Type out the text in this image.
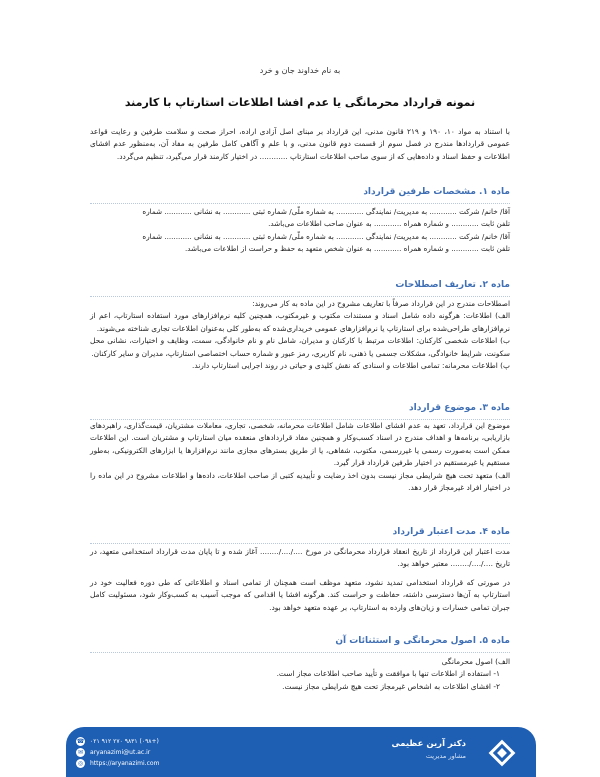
به نام خداوند جان و خرد
نمونه قرارداد محرمانگی یا عدم افشا اطلاعات استارتاپ با کارمند

با استناد به مواد ۱۰، ۱۹۰ و ۲۱۹ قانون مدنی، این قرارداد بر مبنای اصل آزادی اراده، احراز صحت و سلامت طرفین و رعایت قواعد عمومی قراردادها مندرج در فصل سوم از قسمت دوم قانون مدنی، و با علم و آگاهی کامل طرفین به مفاد آن، به‌منظور عدم افشای اطلاعات و حفظ اسناد و داده‌هایی که از سوی صاحب اطلاعات استارتاپ ............ در اختیار کارمند قرار می‌گیرد، تنظیم می‌گردد.

ماده ۱. مشخصات طرفین قرارداد
آقا/ خانم/ شرکت ............ به مدیریت/ نمایندگی ............ به شماره ملّی/ شماره ثبتی ............ به نشانی ............ شماره
تلفن ثابت ............ و شماره همراه ............ به عنوان صاحب اطلاعات می‌باشد.
آقا/ خانم/ شرکت ............ به مدیریت/ نمایندگی ............ به شماره ملّی/ شماره ثبتی ............ به نشانی ............ شماره
تلفن ثابت ............ و شماره همراه ............ به عنوان شخص متعهد به حفظ و حراست از اطلاعات می‌باشد.
ماده ۲. تعاریف اصطلاحات

اصطلاحات مندرج در این قرارداد صرفاً با تعاریف مشروح در این ماده به کار می‌روند:

الف) اطلاعات: هرگونه داده شامل اسناد و مستندات مکتوب و غیرمکتوب، همچنین کلیه نرم‌افزارهای مورد استفاده استارتاپ، اعم از نرم‌افزارهای طراحی‌شده برای استارتاپ یا نرم‌افزارهای عمومی خریداری‌شده که به‌طور کلی به‌عنوان اطلاعات تجاری شناخته می‌شوند.

ب) اطلاعات شخصی کارکنان: اطلاعات مرتبط با کارکنان و مدیران، شامل نام و نام خانوادگی، سمت، وظایف و اختیارات، نشانی محل سکونت، شرایط خانوادگی، مشکلات جسمی یا ذهنی، نام کاربری، رمز عبور و شماره حساب اختصاصی استارتاپ، مدیران و سایر کارکنان.

پ) اطلاعات محرمانه: تمامی اطلاعات و اسنادی که نقش کلیدی و حیاتی در روند اجرایی استارتاپ دارند.

ماده ۳. موضوع قرارداد

موضوع این قرارداد، تعهد به عدم افشای اطلاعات شامل اطلاعات محرمانه، شخصی، تجاری، معاملات مشتریان، قیمت‌گذاری، راهبردهای بازاریابی، برنامه‌ها و اهداف مندرج در اسناد کسب‌وکار و همچنین مفاد قراردادهای منعقده میان استارتاپ و مشتریان است. این اطلاعات ممکن است به‌صورت رسمی یا غیررسمی، مکتوب، شفاهی، یا از طریق بسترهای مجازی مانند نرم‌افزارها یا ابزارهای الکترونیکی، به‌طور مستقیم یا غیرمستقیم در اختیار طرفین قرارداد قرار گیرد.

الف) متعهد تحت هیچ شرایطی مجاز نیست بدون اخذ رضایت و تأییدیه کتبی از صاحب اطلاعات، داده‌ها و اطلاعات مشروح در این ماده را در اختیار افراد غیرمجاز قرار دهد.

ماده ۴. مدت اعتبار قرارداد

مدت اعتبار این قرارداد از تاریخ انعقاد قرارداد محرمانگی در مورخ ..../..../........ آغاز شده و تا پایان مدت قرارداد استخدامی متعهد، در تاریخ ..../..../........ معتبر خواهد بود.

در صورتی که قرارداد استخدامی تمدید نشود، متعهد موظف است همچنان از تمامی اسناد و اطلاعاتی که طی دوره فعالیت خود در استارتاپ به آن‌ها دسترسی داشته، حفاظت و حراست کند. هرگونه افشا یا اقدامی که موجب آسیب به کسب‌وکار شود، مسئولیت کامل جبران تمامی خسارات و زیان‌های وارده به استارتاپ، بر عهده متعهد خواهد بود.

ماده ۵. اصول محرمانگی و استثنائات آن

الف) اصول محرمانگی

۱- استفاده از اطلاعات تنها با موافقت و تأیید صاحب اطلاعات مجاز است.

۲- افشای اطلاعات به اشخاص غیرمجاز تحت هیچ شرایطی مجاز نیست.

☎ ۰۲۱ ۹۱۲ ۲۷۰ ۹۸۳۱ (۰۹۸+)
✉	aryanazimi@ut.ac.ir
◎	https://aryanazimi.com
دکتر آرین عظیمی
مشاور مدیریت
